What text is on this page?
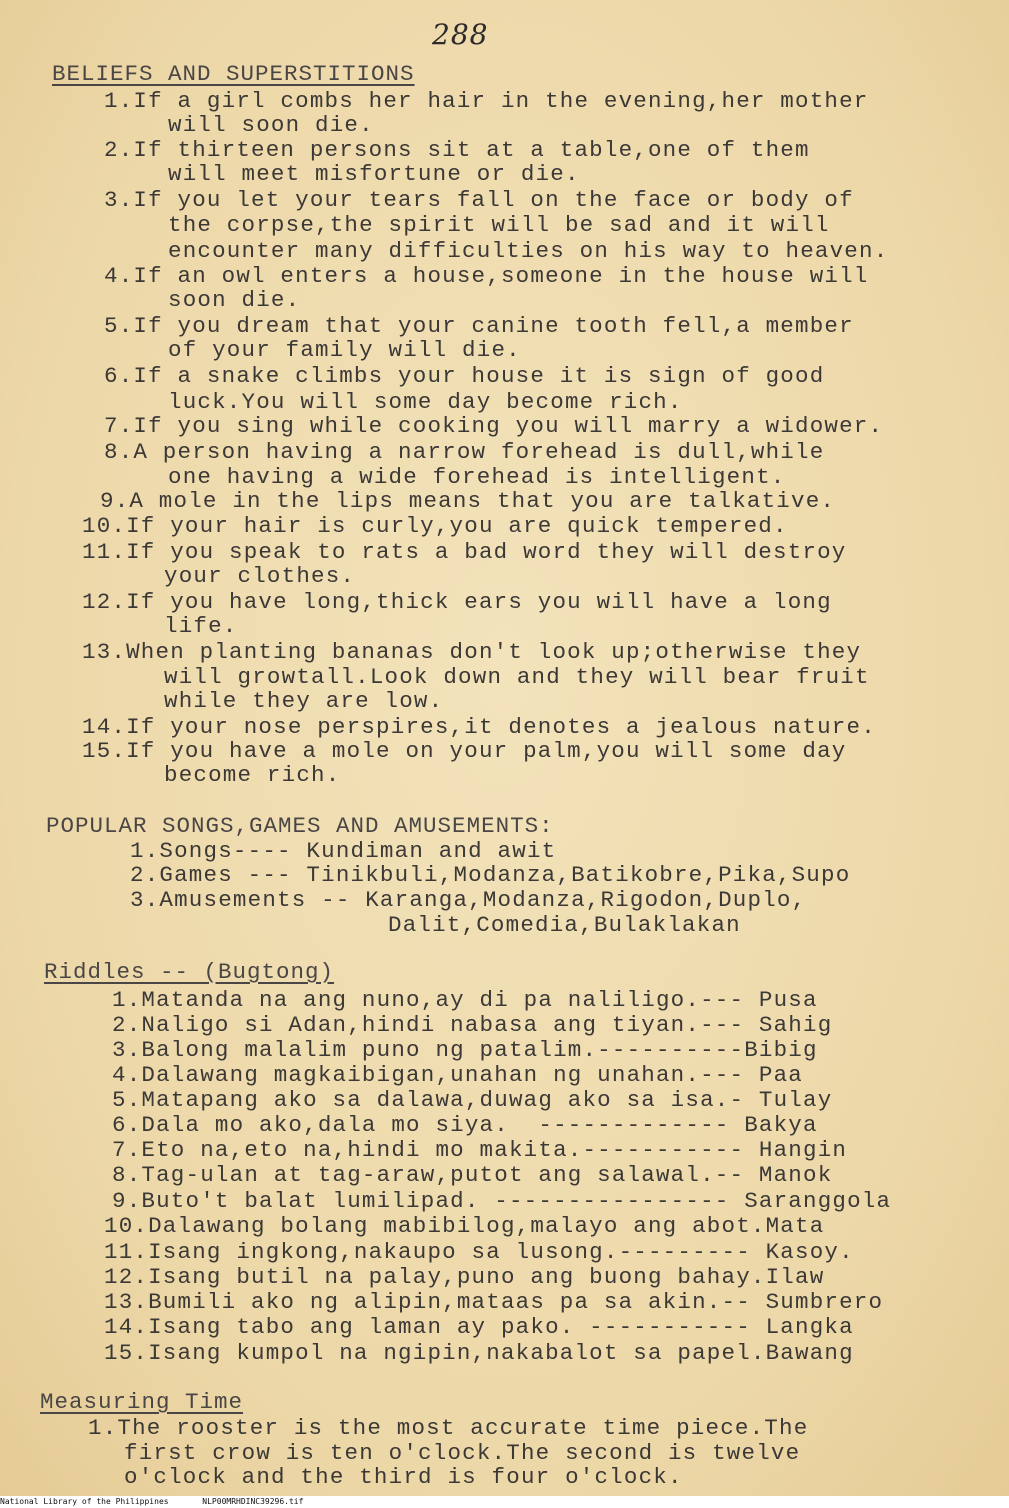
288
BELIEFS AND SUPERSTITIONS
1.If a girl combs her hair in the evening,her mother
will soon die.
2.If thirteen persons sit at a table,one of them
will meet misfortune or die.
3.If you let your tears fall on the face or body of
the corpse,the spirit will be sad and it will
encounter many difficulties on his way to heaven.
4.If an owl enters a house,someone in the house will
soon die.
5.If you dream that your canine tooth fell,a member
of your family will die.
6.If a snake climbs your house it is sign of good
luck.You will some day become rich.
7.If you sing while cooking you will marry a widower.
8.A person having a narrow forehead is dull,while
one having a wide forehead is intelligent.
9.A mole in the lips means that you are talkative.
10.If your hair is curly,you are quick tempered.
11.If you speak to rats a bad word they will destroy
your clothes.
12.If you have long,thick ears you will have a long
life.
13.When planting bananas don't look up;otherwise they
will growtall.Look down and they will bear fruit
while they are low.
14.If your nose perspires,it denotes a jealous nature.
15.If you have a mole on your palm,you will some day
become rich.
POPULAR SONGS,GAMES AND AMUSEMENTS:
1.Songs---- Kundiman and awit
2.Games --- Tinikbuli,Modanza,Batikobre,Pika,Supo
3.Amusements -- Karanga,Modanza,Rigodon,Duplo,
Dalit,Comedia,Bulaklakan
Riddles -- (Bugtong)
1.Matanda na ang nuno,ay di pa naliligo.--- Pusa
2.Naligo si Adan,hindi nabasa ang tiyan.--- Sahig
3.Balong malalim puno ng patalim.----------Bibig
4.Dalawang magkaibigan,unahan ng unahan.--- Paa
5.Matapang ako sa dalawa,duwag ako sa isa.- Tulay
6.Dala mo ako,dala mo siya.  ------------- Bakya
7.Eto na,eto na,hindi mo makita.----------- Hangin
8.Tag-ulan at tag-araw,putot ang salawal.-- Manok
9.Buto't balat lumilipad. ---------------- Saranggola
10.Dalawang bolang mabibilog,malayo ang abot.Mata
11.Isang ingkong,nakaupo sa lusong.--------- Kasoy.
12.Isang butil na palay,puno ang buong bahay.Ilaw
13.Bumili ako ng alipin,mataas pa sa akin.-- Sumbrero
14.Isang tabo ang laman ay pako. ----------- Langka
15.Isang kumpol na ngipin,nakabalot sa papel.Bawang
Measuring Time
1.The rooster is the most accurate time piece.The
first crow is ten o'clock.The second is twelve
o'clock and the third is four o'clock.
National Library of the Philippines	NLP00MRHDINC39296.tif
